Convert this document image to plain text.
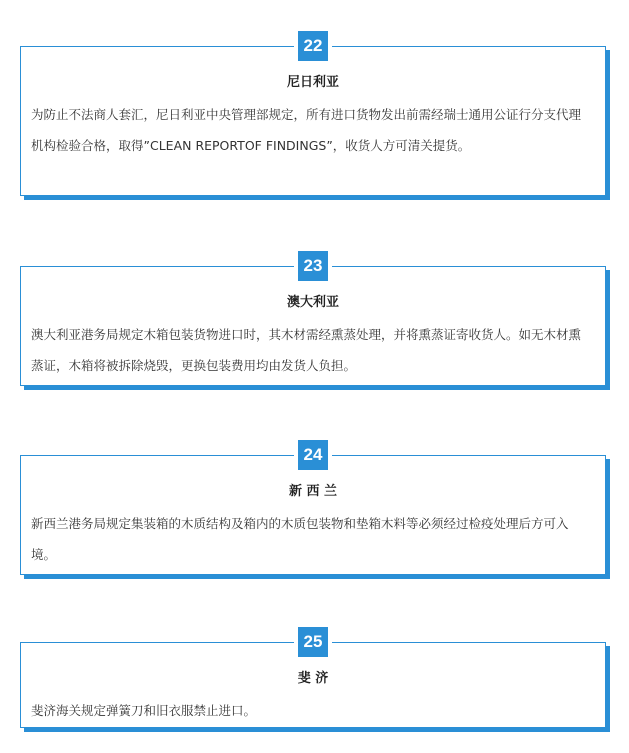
22

尼日利亚

为防止不法商人套汇，尼日利亚中央管理部规定，所有进口货物发出前需经瑞士通用公证行分支代理机构检验合格，取得”CLEAN REPORTOF FINDINGS”，收货人方可清关提货。

23

澳大利亚

澳大利亚港务局规定木箱包装货物进口时，其木材需经熏蒸处理，并将熏蒸证寄收货人。如无木材熏蒸证，木箱将被拆除烧毁，更换包装费用均由发货人负担。

24

新 西 兰

新西兰港务局规定集装箱的木质结构及箱内的木质包装物和垫箱木料等必须经过检疫处理后方可入境。

25

斐 济

斐济海关规定弹簧刀和旧衣服禁止进口。
